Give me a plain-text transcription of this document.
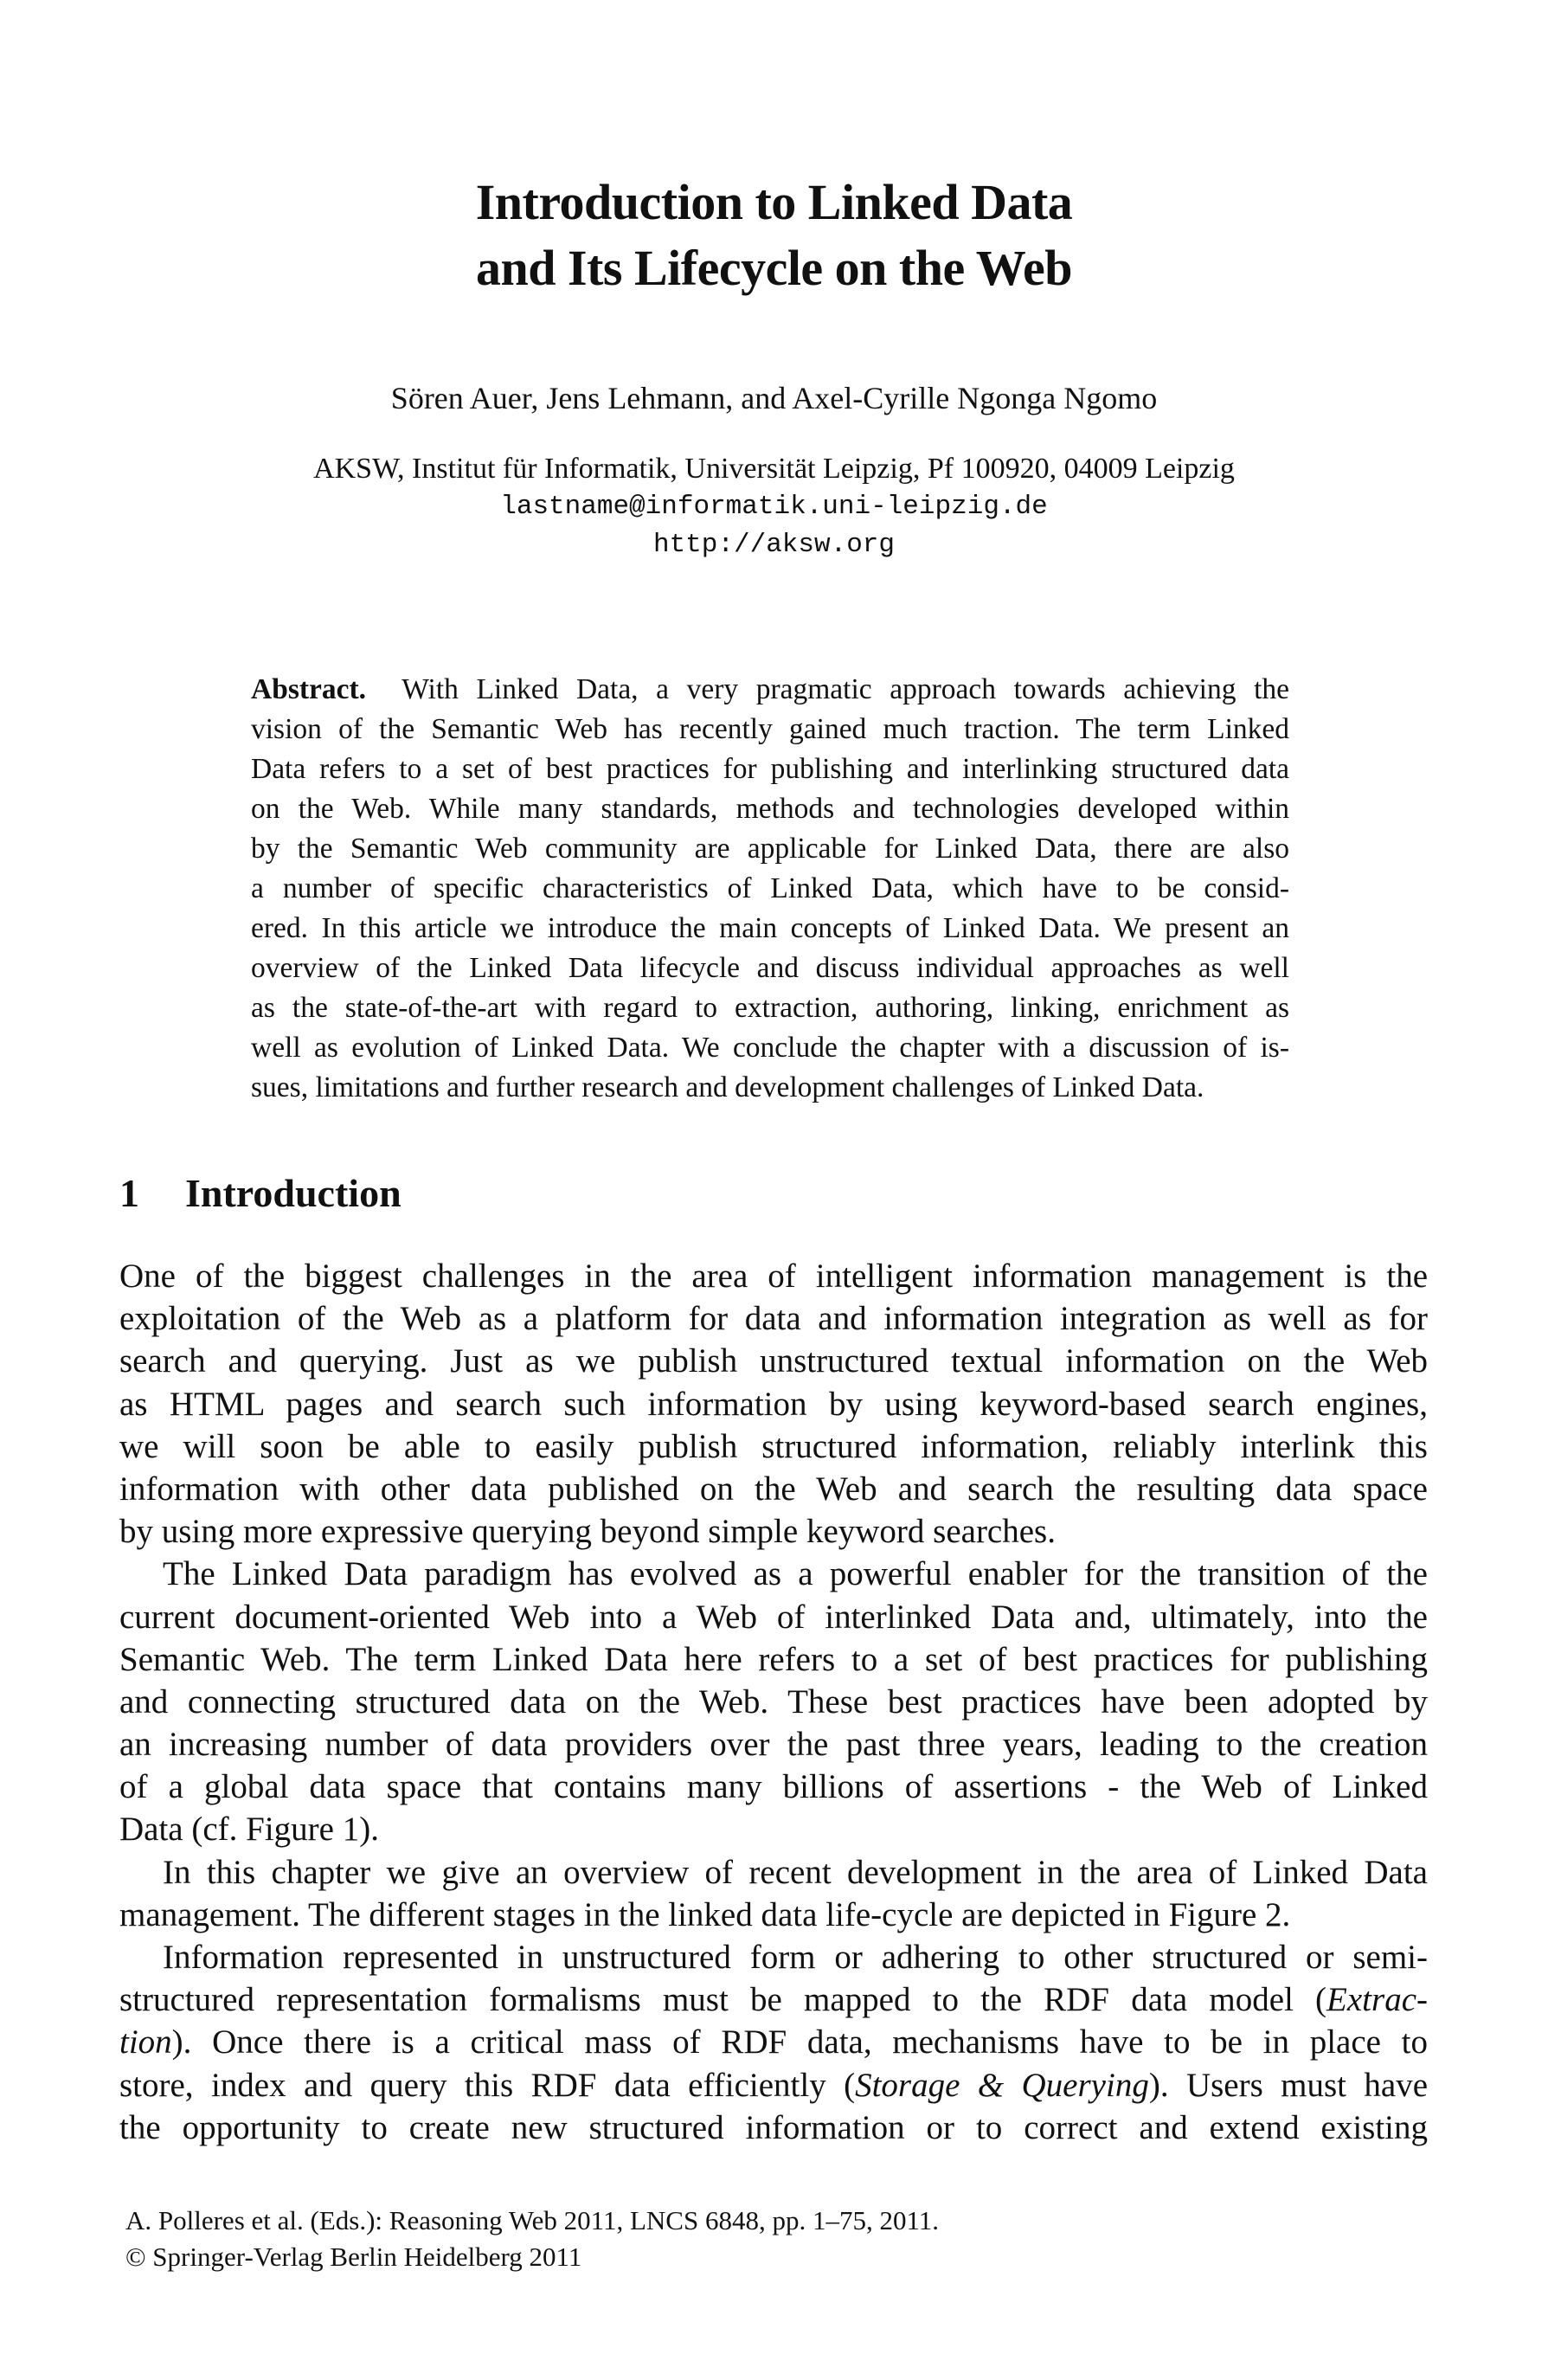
Introduction to Linked Data
and Its Lifecycle on the Web
Sören Auer, Jens Lehmann, and Axel-Cyrille Ngonga Ngomo
AKSW, Institut für Informatik, Universität Leipzig, Pf 100920, 04009 Leipzig
lastname@informatik.uni-leipzig.de
http://aksw.org
Abstract. With Linked Data, a very pragmatic approach towards achieving the
vision of the Semantic Web has recently gained much traction. The term Linked
Data refers to a set of best practices for publishing and interlinking structured data
on the Web. While many standards, methods and technologies developed within
by the Semantic Web community are applicable for Linked Data, there are also
a number of specific characteristics of Linked Data, which have to be consid-
ered. In this article we introduce the main concepts of Linked Data. We present an
overview of the Linked Data lifecycle and discuss individual approaches as well
as the state-of-the-art with regard to extraction, authoring, linking, enrichment as
well as evolution of Linked Data. We conclude the chapter with a discussion of is-
sues, limitations and further research and development challenges of Linked Data.
1 Introduction
One of the biggest challenges in the area of intelligent information management is the
exploitation of the Web as a platform for data and information integration as well as for
search and querying. Just as we publish unstructured textual information on the Web
as HTML pages and search such information by using keyword-based search engines,
we will soon be able to easily publish structured information, reliably interlink this
information with other data published on the Web and search the resulting data space
by using more expressive querying beyond simple keyword searches.
The Linked Data paradigm has evolved as a powerful enabler for the transition of the
current document-oriented Web into a Web of interlinked Data and, ultimately, into the
Semantic Web. The term Linked Data here refers to a set of best practices for publishing
and connecting structured data on the Web. These best practices have been adopted by
an increasing number of data providers over the past three years, leading to the creation
of a global data space that contains many billions of assertions - the Web of Linked
Data (cf. Figure 1).
In this chapter we give an overview of recent development in the area of Linked Data
management. The different stages in the linked data life-cycle are depicted in Figure 2.
Information represented in unstructured form or adhering to other structured or semi-
structured representation formalisms must be mapped to the RDF data model (Extrac-
tion). Once there is a critical mass of RDF data, mechanisms have to be in place to
store, index and query this RDF data efficiently (Storage & Querying). Users must have
the opportunity to create new structured information or to correct and extend existing
A. Polleres et al. (Eds.): Reasoning Web 2011, LNCS 6848, pp. 1–75, 2011.
© Springer-Verlag Berlin Heidelberg 2011
